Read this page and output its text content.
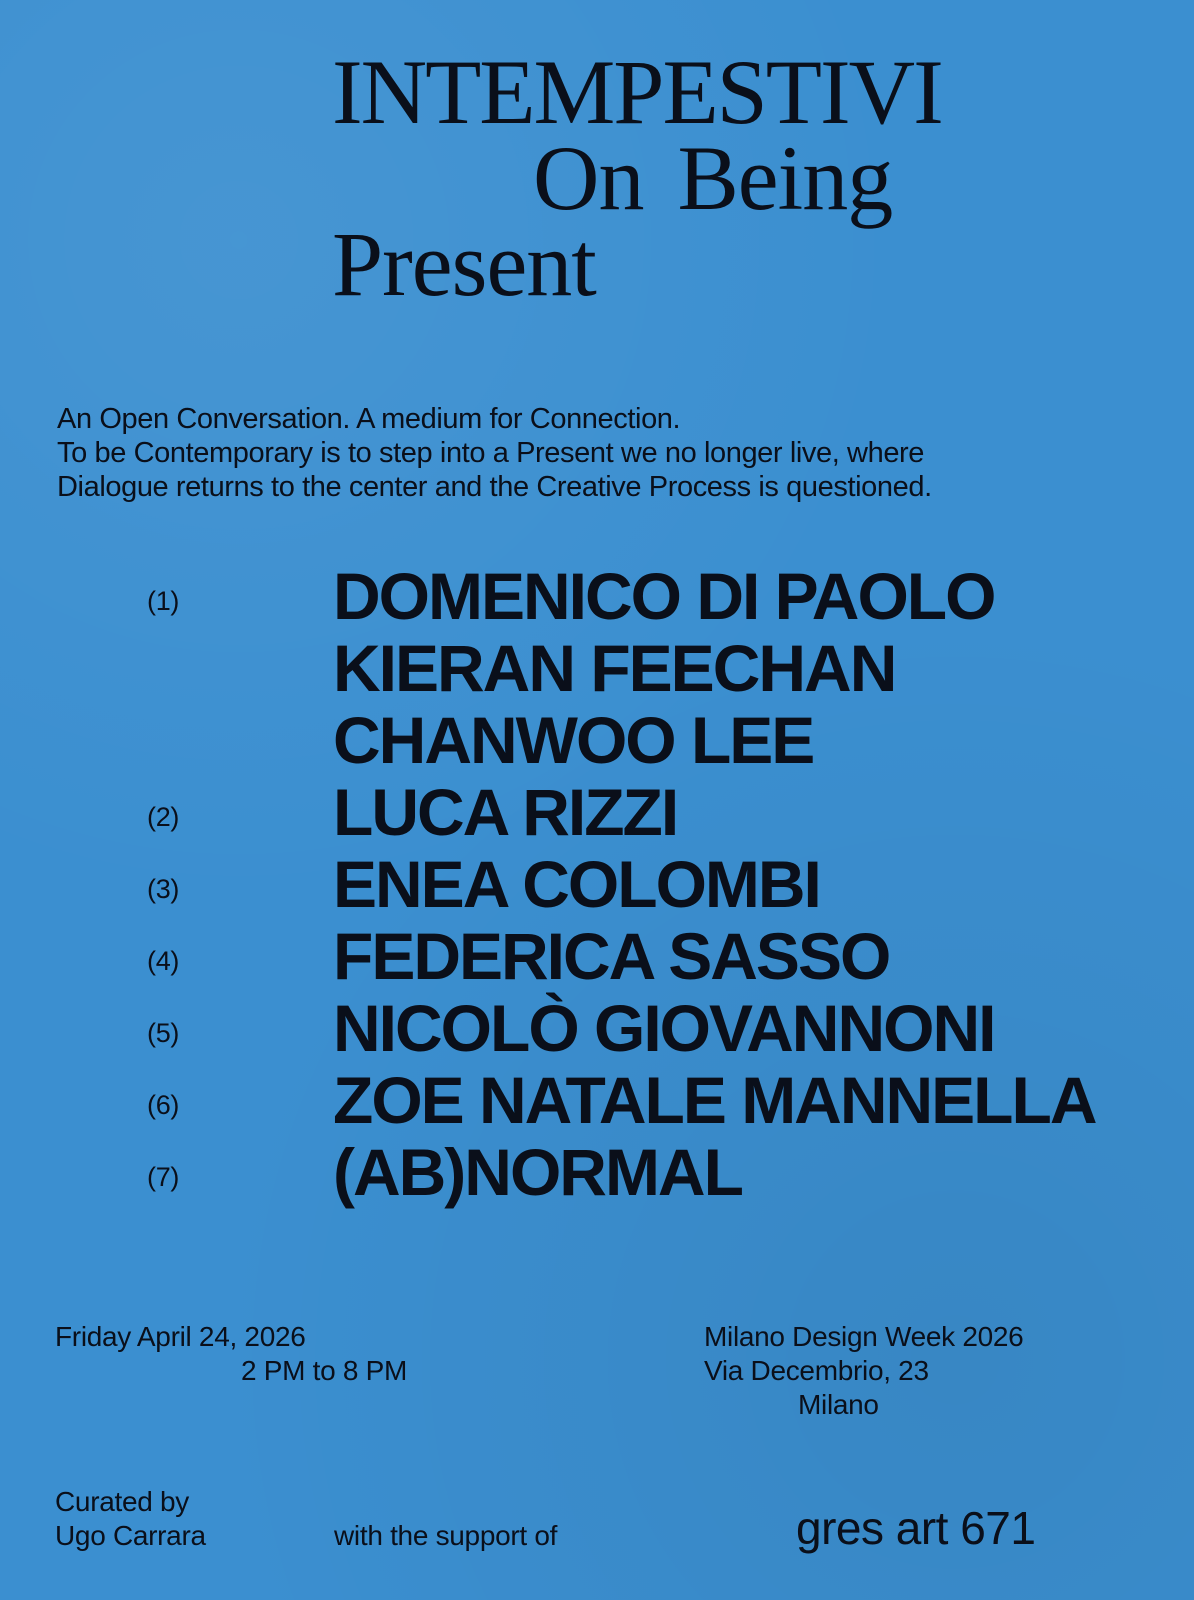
INTEMPESTIVI
On Being
Present
An Open Conversation. A medium for Connection.
To be Contemporary is to step into a Present we no longer live, where
Dialogue returns to the center and the Creative Process is questioned.
(1) DOMENICO DI PAOLO
KIERAN FEECHAN
CHANWOO LEE
(2) LUCA RIZZI
(3) ENEA COLOMBI
(4) FEDERICA SASSO
(5) NICOLÒ GIOVANNONI
(6) ZOE NATALE MANNELLA
(7) (AB)NORMAL
Friday April 24, 2026
2 PM to 8 PM
Milano Design Week 2026
Via Decembrio, 23
Milano
Curated by
Ugo Carrara	with the support of	gres art 671
